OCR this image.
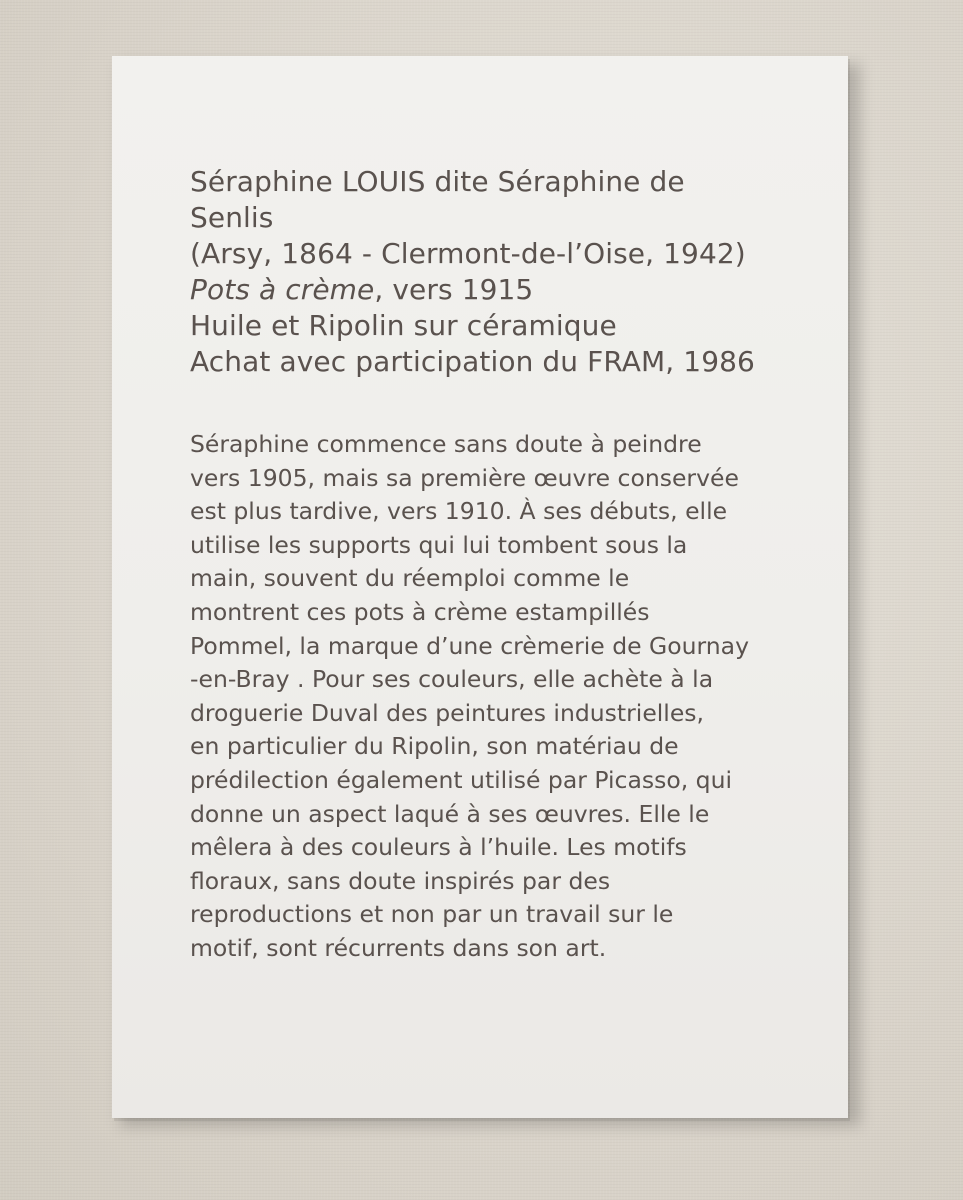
Séraphine LOUIS dite Séraphine de
Senlis
(Arsy, 1864 - Clermont-de-l’Oise, 1942)
Pots à crème, vers 1915
Huile et Ripolin sur céramique
Achat avec participation du FRAM, 1986
Séraphine commence sans doute à peindre
vers 1905, mais sa première œuvre conservée
est plus tardive, vers 1910. À ses débuts, elle
utilise les supports qui lui tombent sous la
main, souvent du réemploi comme le
montrent ces pots à crème estampillés
Pommel, la marque d’une crèmerie de Gournay
-en-Bray . Pour ses couleurs, elle achète à la
droguerie Duval des peintures industrielles,
en particulier du Ripolin, son matériau de
prédilection également utilisé par Picasso, qui
donne un aspect laqué à ses œuvres. Elle le
mêlera à des couleurs à l’huile. Les motifs
floraux, sans doute inspirés par des
reproductions et non par un travail sur le
motif, sont récurrents dans son art.
